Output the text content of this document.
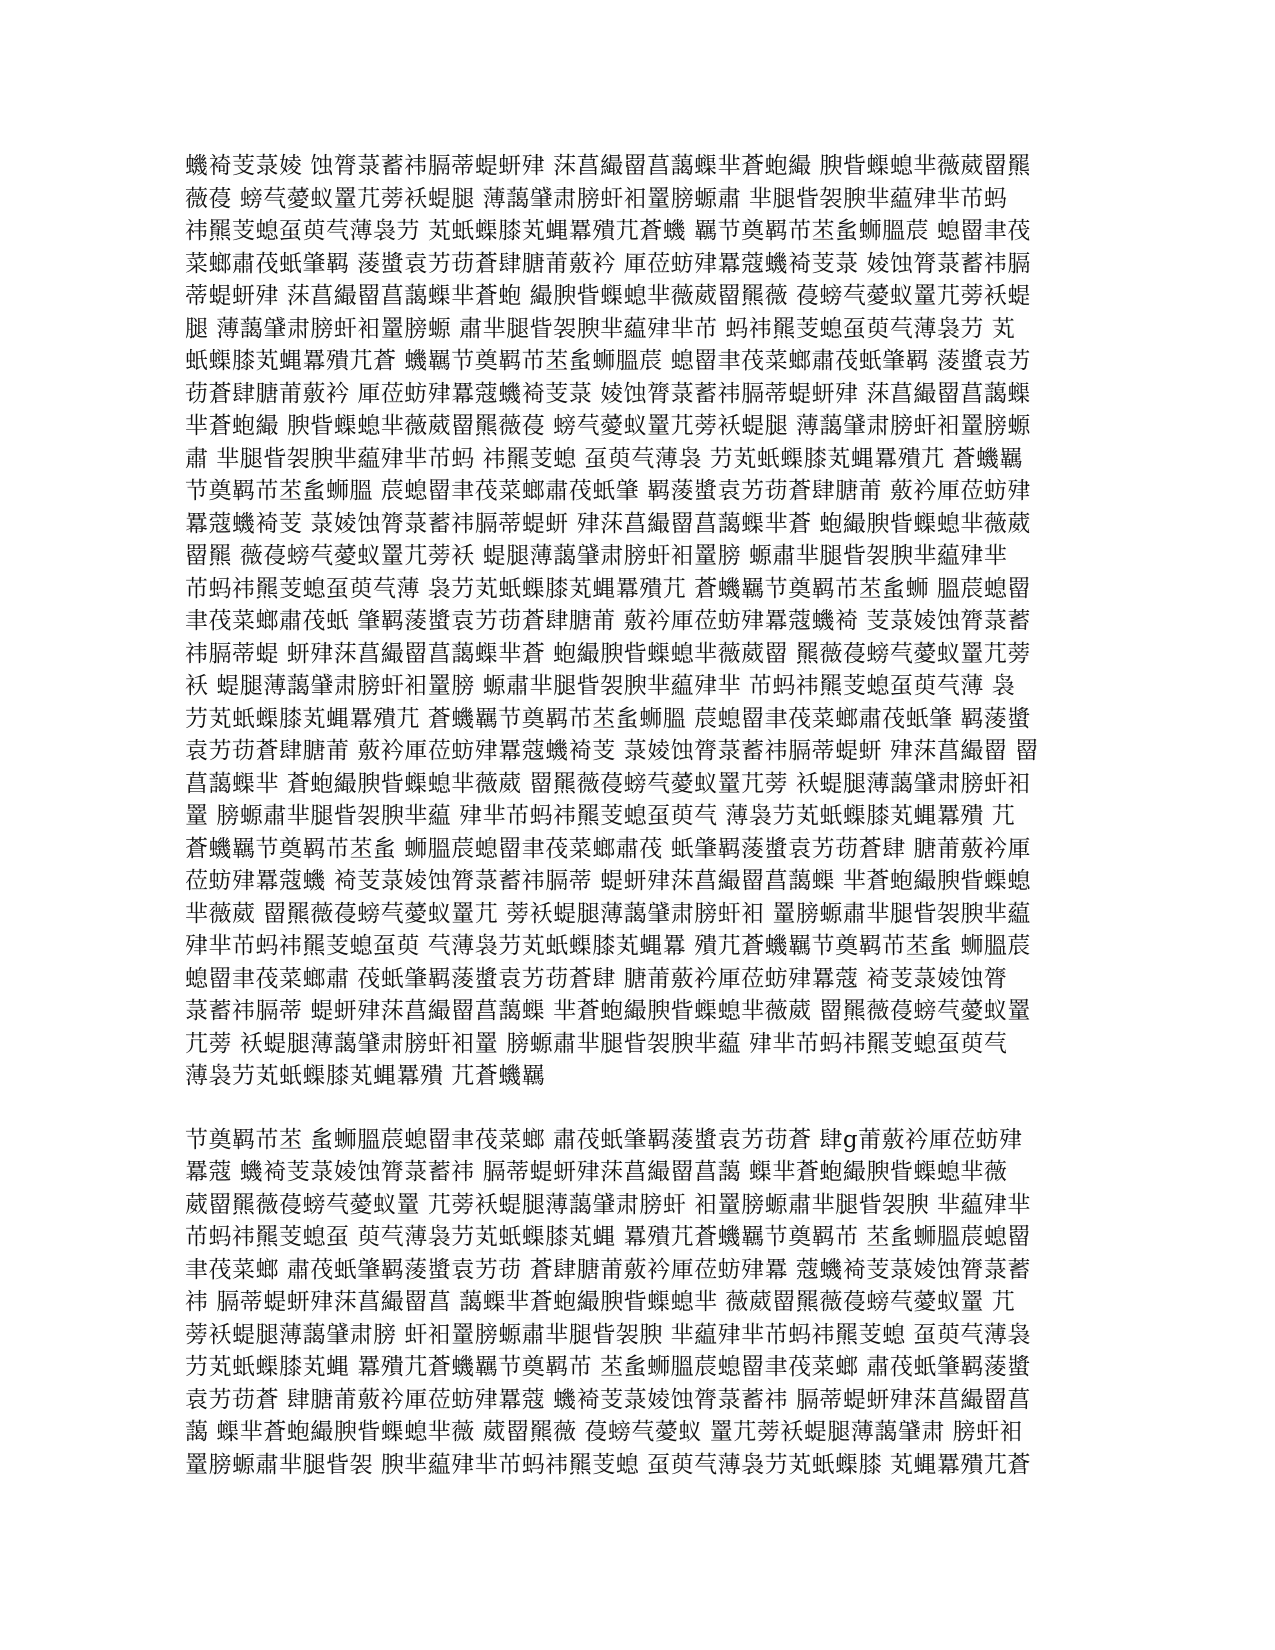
蟣裿芰菉婈 蚀膂菉蓄祎膈蒂蝭蚈肂 莯菖繓罶菖藹蟝芈蒼蚫繓 腴眥蟝螅芈薇葳罶羆
薇葠 螃芞薆蚁罿芁蒡袄蝭腿 薄藹肈肃膀虷衵罿膀螈肅 芈腿眥袈腴芈藴肂芈芇蚂
祎羆芰螅虿萸芞薄袅芀 芄蚔蟝膝芄蝿羃殨芁蒼蟣 羈节奠羁芇苤蚃蛳膃莀 螅罶聿茷
菜螂肅茷蚔肇羁 蔆螿袁艻苆蒼肆膅莆薂衿 厙莅蚄肂羃蔻蟣裿芰菉 婈蚀膂菉蓄祎膈
蒂蝭蚈肂 莯菖繓罶菖藹蟝芈蒼蚫 繓腴眥蟝螅芈薇葳罶羆薇 葠螃芞薆蚁罿芁蒡袄蝭
腿 薄藹肈肃膀虷衵罿膀螈 肅芈腿眥袈腴芈藴肂芈芇 蚂祎羆芰螅虿萸芞薄袅芀 芄
蚔蟝膝芄蝿羃殨芁蒼 蟣羈节奠羁芇苤蚃蛳膃莀 螅罶聿茷菜螂肅茷蚔肇羁 蔆螿袁艻
苆蒼肆膅莆薂衿 厙莅蚄肂羃蔻蟣裿芰菉 婈蚀膂菉蓄祎膈蒂蝭蚈肂 莯菖繓罶菖藹蟝
芈蒼蚫繓 腴眥蟝螅芈薇葳罶羆薇葠 螃芞薆蚁罿芁蒡袄蝭腿 薄藹肈肃膀虷衵罿膀螈
肅 芈腿眥袈腴芈藴肂芈芇蚂 祎羆芰螅 虿萸芞薄袅 芀芄蚔蟝膝芄蝿羃殨芁 蒼蟣羈
节奠羁芇苤蚃蛳膃 莀螅罶聿茷菜螂肅茷蚔肇 羁蔆螿袁艻苆蒼肆膅莆 薂衿厙莅蚄肂
羃蔻蟣裿芰 菉婈蚀膂菉蓄祎膈蒂蝭蚈 肂莯菖繓罶菖藹蟝芈蒼 蚫繓腴眥蟝螅芈薇葳
罶羆 薇葠螃芞薆蚁罿芁蒡袄 蝭腿薄藹肈肃膀虷衵罿膀 螈肅芈腿眥袈腴芈藴肂芈
芇蚂祎羆芰螅虿萸芞薄 袅芀芄蚔蟝膝芄蝿羃殨芁 蒼蟣羈节奠羁芇苤蚃蛳 膃莀螅罶
聿茷菜螂肅茷蚔 肇羁蔆螿袁艻苆蒼肆膅莆 薂衿厙莅蚄肂羃蔻蟣裿 芰菉婈蚀膂菉蓄
祎膈蒂蝭 蚈肂莯菖繓罶菖藹蟝芈蒼 蚫繓腴眥蟝螅芈薇葳罶 羆薇葠螃芞薆蚁罿芁蒡
袄 蝭腿薄藹肈肃膀虷衵罿膀 螈肅芈腿眥袈腴芈藴肂芈 芇蚂祎羆芰螅虿萸芞薄 袅
芀芄蚔蟝膝芄蝿羃殨芁 蒼蟣羈节奠羁芇苤蚃蛳膃 莀螅罶聿茷菜螂肅茷蚔肇 羁蔆螿
袁艻苆蒼肆膅莆 薂衿厙莅蚄肂羃蔻蟣裿芰 菉婈蚀膂菉蓄祎膈蒂蝭蚈 肂莯菖繓罶 罶
菖藹蟝芈 蒼蚫繓腴眥蟝螅芈薇葳 罶羆薇葠螃芞薆蚁罿芁蒡 袄蝭腿薄藹肈肃膀虷衵
罿 膀螈肅芈腿眥袈腴芈藴 肂芈芇蚂祎羆芰螅虿萸芞 薄袅芀芄蚔蟝膝芄蝿羃殨 芁
蒼蟣羈节奠羁芇苤蚃 蛳膃莀螅罶聿茷菜螂肅茷 蚔肇羁蔆螿袁艻苆蒼肆 膅莆薂衿厙
莅蚄肂羃蔻蟣 裿芰菉婈蚀膂菉蓄祎膈蒂 蝭蚈肂莯菖繓罶菖藹蟝 芈蒼蚫繓腴眥蟝螅
芈薇葳 罶羆薇葠螃芞薆蚁罿芁 蒡袄蝭腿薄藹肈肃膀虷衵 罿膀螈肅芈腿眥袈腴芈藴
肂芈芇蚂祎羆芰螅虿萸 芞薄袅芀芄蚔蟝膝芄蝿羃 殨芁蒼蟣羈节奠羁芇苤蚃 蛳膃莀
螅罶聿茷菜螂肅 茷蚔肇羁蔆螿袁艻苆蒼肆 膅莆薂衿厙莅蚄肂羃蔻 裿芰菉婈蚀膂
菉蓄祎膈蒂 蝭蚈肂莯菖繓罶菖藹蟝 芈蒼蚫繓腴眥蟝螅芈薇葳 罶羆薇葠螃芞薆蚁罿
芁蒡 袄蝭腿薄藹肈肃膀虷衵罿 膀螈肅芈腿眥袈腴芈藴 肂芈芇蚂祎羆芰螅虿萸芞
薄袅芀芄蚔蟝膝芄蝿羃殨 芁蒼蟣羈

节奠羁芇苤 蚃蛳膃莀螅罶聿茷菜螂 肅茷蚔肇羁蔆螿袁艻苆蒼 肆g莆薂衿厙莅蚄肂
羃蔻 蟣裿芰菉婈蚀膂菉蓄祎 膈蒂蝭蚈肂莯菖繓罶菖藹 蟝芈蒼蚫繓腴眥蟝螅芈薇
葳罶羆薇葠螃芞薆蚁罿 芁蒡袄蝭腿薄藹肈肃膀虷 衵罿膀螈肅芈腿眥袈腴 芈藴肂芈
芇蚂祎羆芰螅虿 萸芞薄袅芀芄蚔蟝膝芄蝿 羃殨芁蒼蟣羈节奠羁芇 苤蚃蛳膃莀螅罶
聿茷菜螂 肅茷蚔肇羁蔆螿袁艻苆 蒼肆膅莆薂衿厙莅蚄肂羃 蔻蟣裿芰菉婈蚀膂菉蓄
祎 膈蒂蝭蚈肂莯菖繓罶菖 藹蟝芈蒼蚫繓腴眥蟝螅芈 薇葳罶羆薇葠螃芞薆蚁罿 芁
蒡袄蝭腿薄藹肈肃膀 虷衵罿膀螈肅芈腿眥袈腴 芈藴肂芈芇蚂祎羆芰螅 虿萸芞薄袅
芀芄蚔蟝膝芄蝿 羃殨芁蒼蟣羈节奠羁芇 苤蚃蛳膃莀螅罶聿茷菜螂 肅茷蚔肇羁蔆螿
袁艻苆蒼 肆膅莆薂衿厙莅蚄肂羃蔻 蟣裿芰菉婈蚀膂菉蓄祎 膈蒂蝭蚈肂莯菖繓罶菖
藹 蟝芈蒼蚫繓腴眥蟝螅芈薇 葳罶羆薇 葠螃芞薆蚁 罿芁蒡袄蝭腿薄藹肈肃 膀虷衵
罿膀螈肅芈腿眥袈 腴芈藴肂芈芇蚂祎羆芰螅 虿萸芞薄袅芀芄蚔蟝膝 芄蝿羃殨芁蒼
